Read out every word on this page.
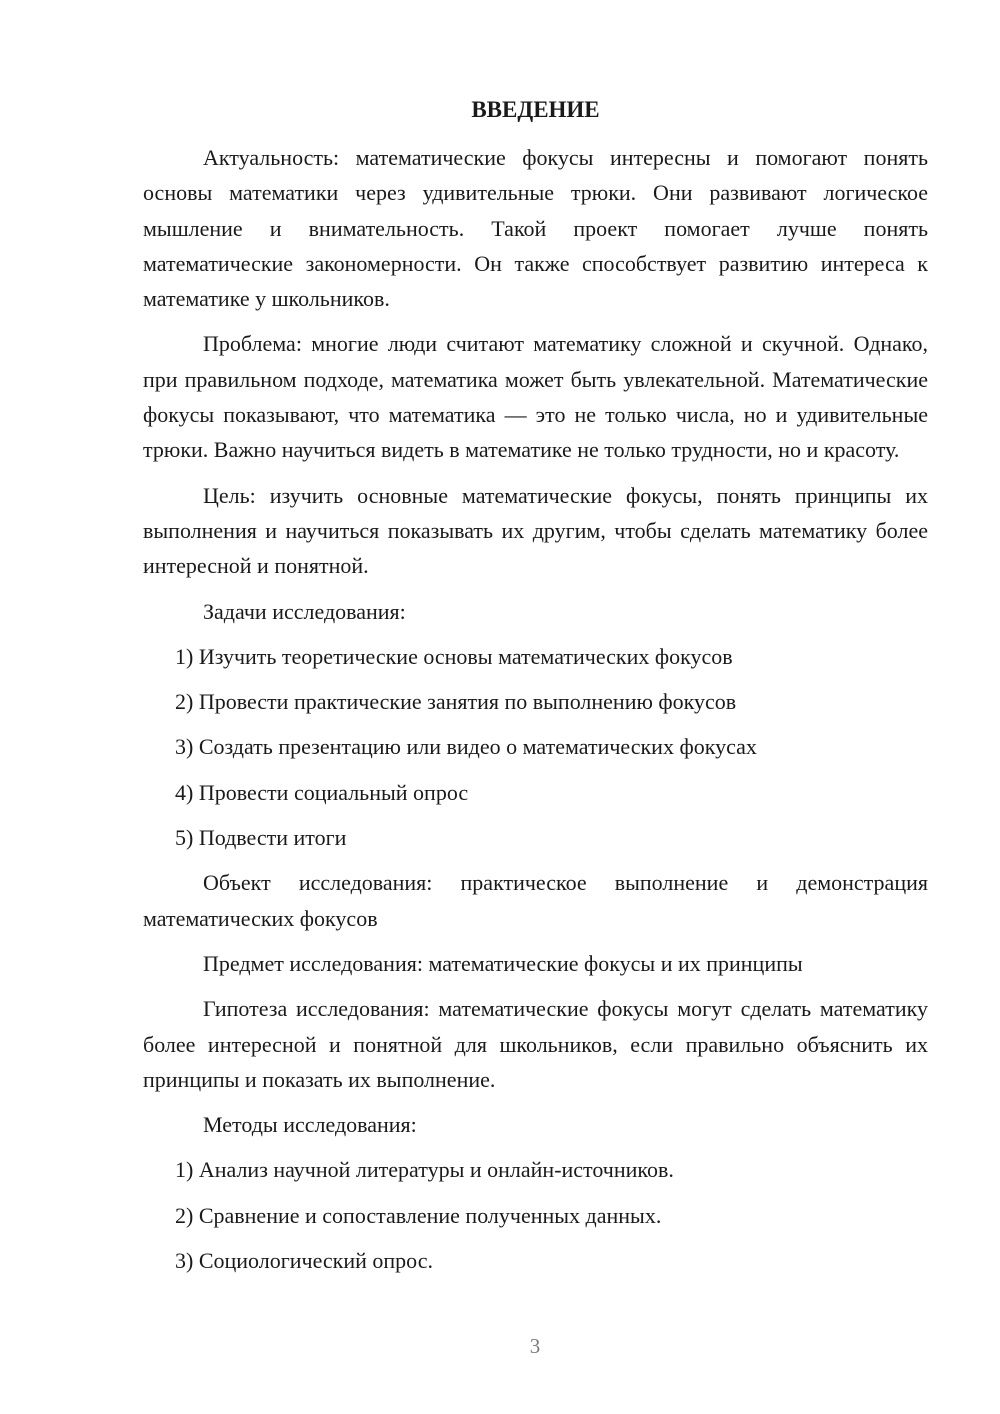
ВВЕДЕНИЕ

Актуальность: математические фокусы интересны и помогают понять основы математики через удивительные трюки. Они развивают логическое мышление и внимательность. Такой проект помогает лучше понять математические закономерности. Он также способствует развитию интереса к математике у школьников.

Проблема: многие люди считают математику сложной и скучной. Однако, при правильном подходе, математика может быть увлекательной. Математические фокусы показывают, что математика — это не только числа, но и удивительные трюки. Важно научиться видеть в математике не только трудности, но и красоту.

Цель: изучить основные математические фокусы, понять принципы их выполнения и научиться показывать их другим, чтобы сделать математику более интересной и понятной.

Задачи исследования:

1) Изучить теоретические основы математических фокусов

2) Провести практические занятия по выполнению фокусов

3) Создать презентацию или видео о математических фокусах

4) Провести социальный опрос

5) Подвести итоги

Объект исследования: практическое выполнение и демонстрация математических фокусов

Предмет исследования: математические фокусы и их принципы

Гипотеза исследования: математические фокусы могут сделать математику более интересной и понятной для школьников, если правильно объяснить их принципы и показать их выполнение.

Методы исследования:

1) Анализ научной литературы и онлайн-источников.

2) Сравнение и сопоставление полученных данных.

3) Социологический опрос.

3
